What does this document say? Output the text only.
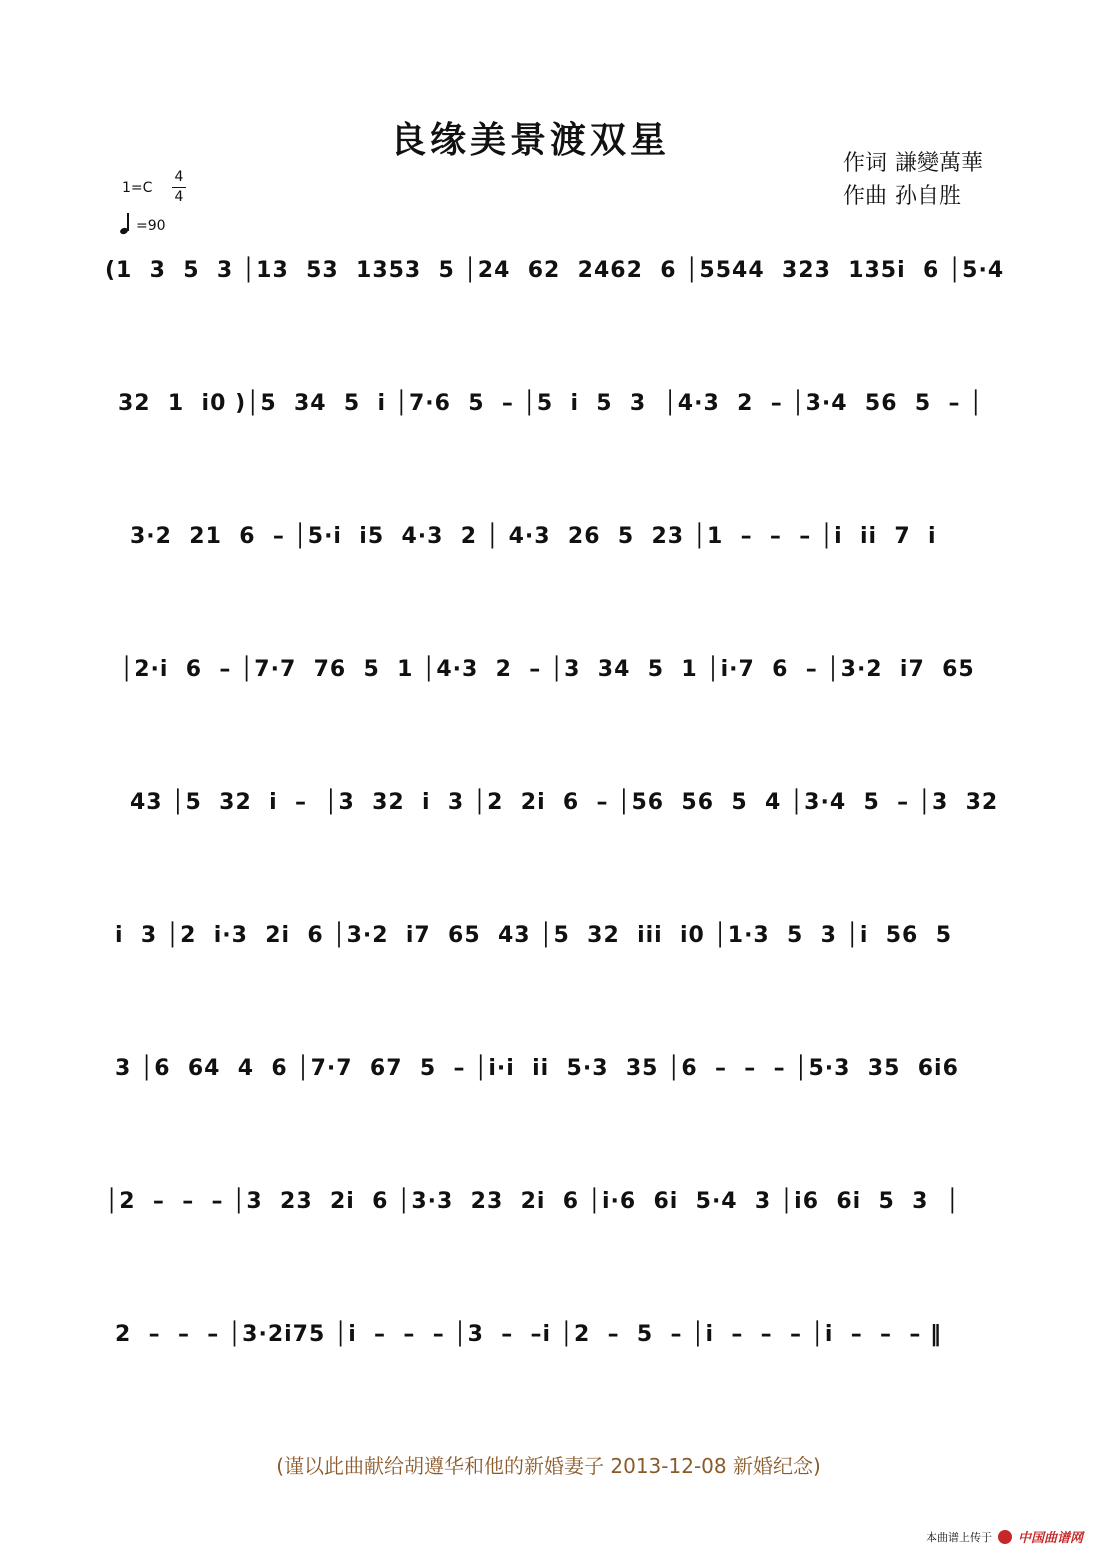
良缘美景渡双星
作词 謙變萬華
作曲 孙自胜
1=C
4
4
=90

(1  3  5  3 │13  53  1353  5 │24  62  2462  6 │5544  323  135i  6 │5·4

32  1  i0 )│5  34  5  i │7·6  5  – │5  i  5  3  │4·3  2  – │3·4  56  5  – │

3·2  21  6  – │5·i  i5  4·3  2 │ 4·3  26  5  23 │1  –  –  – │i  ii  7  i

│2·i  6  – │7·7  76  5  1 │4·3  2  – │3  34  5  1 │i·7  6  – │3·2  i7  65

43 │5  32  i  –  │3  32  i  3 │2  2i  6  – │56  56  5  4 │3·4  5  – │3  32

i  3 │2  i·3  2i  6 │3·2  i7  65  43 │5  32  iii  i0 │1·3  5  3 │i  56  5

3 │6  64  4  6 │7·7  67  5  – │i·i  ii  5·3  35 │6  –  –  – │5·3  35  6i6

│2  –  –  – │3  23  2i  6 │3·3  23  2i  6 │i·6  6i  5·4  3 │i6  6i  5  3  │

2  –  –  – │3·2i75 │i  –  –  – │3  –  –i │2  –  5  – │i  –  –  – │i  –  –  – ‖

(谨以此曲献给胡遵华和他的新婚妻子 2013-12-08 新婚纪念)
本曲谱上传于 中国曲谱网
